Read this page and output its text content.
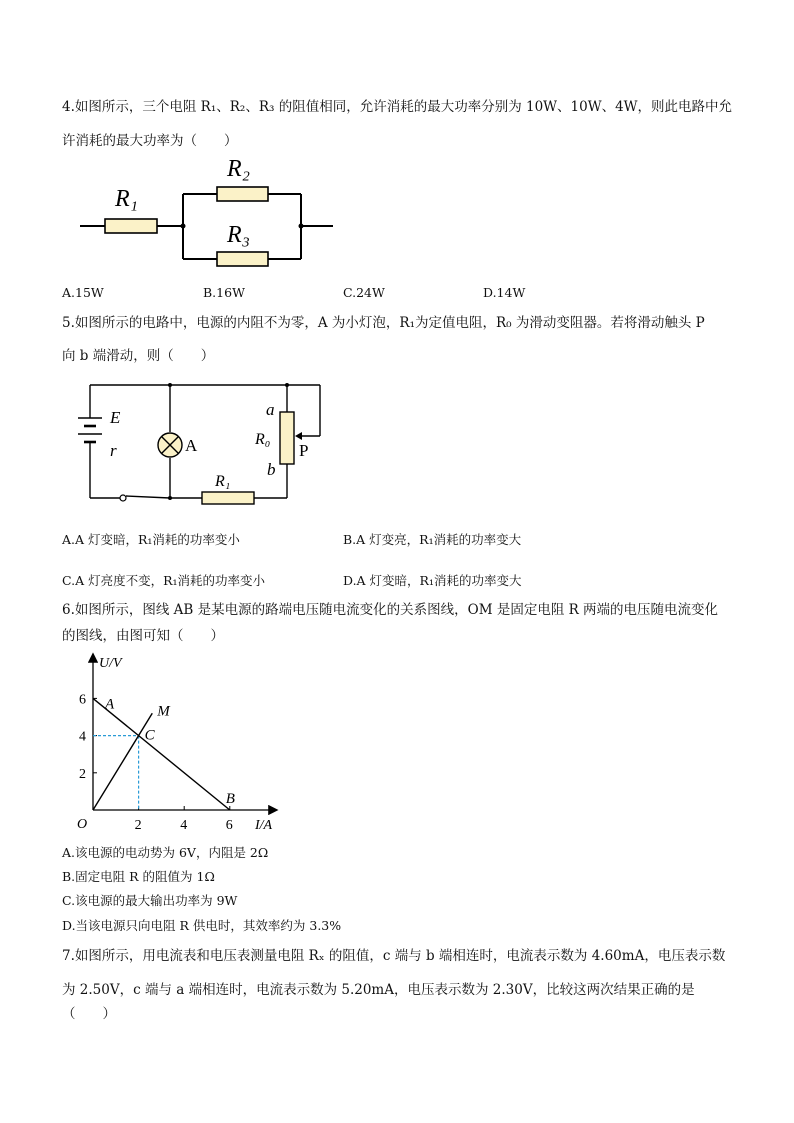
4.如图所示，三个电阻 R₁、R₂、R₃ 的阻值相同，允许消耗的最大功率分别为 10W、10W、4W，则此电路中允
许消耗的最大功率为（　　）
R₁
R₂
R₃
A.15W	B.16W	C.24W	D.14W
5.如图所示的电路中，电源的内阻不为零，A 为小灯泡，R₁为定值电阻，R₀ 为滑动变阻器。若将滑动触头 P
向 b 端滑动，则（　　）
E
r	A
a
R₀
b
P
R₁
A.A 灯变暗，R₁消耗的功率变小	B.A 灯变亮，R₁消耗的功率变大
C.A 灯亮度不变，R₁消耗的功率变小	D.A 灯变暗，R₁消耗的功率变大
6.如图所示，图线 AB 是某电源的路端电压随电流变化的关系图线，OM 是固定电阻 R 两端的电压随电流变化
的图线，由图可知（　　）
U/V
I/A
O	2	4	6
2
4
6 A
B
C
M
A.该电源的电动势为 6V，内阻是 2Ω
B.固定电阻 R 的阻值为 1Ω
C.该电源的最大输出功率为 9W
D.当该电源只向电阻 R 供电时，其效率约为 3.3%
7.如图所示，用电流表和电压表测量电阻 Rₓ 的阻值，c 端与 b 端相连时，电流表示数为 4.60mA，电压表示数
为 2.50V，c 端与 a 端相连时，电流表示数为 5.20mA，电压表示数为 2.30V，比较这两次结果正确的是
（　　）
